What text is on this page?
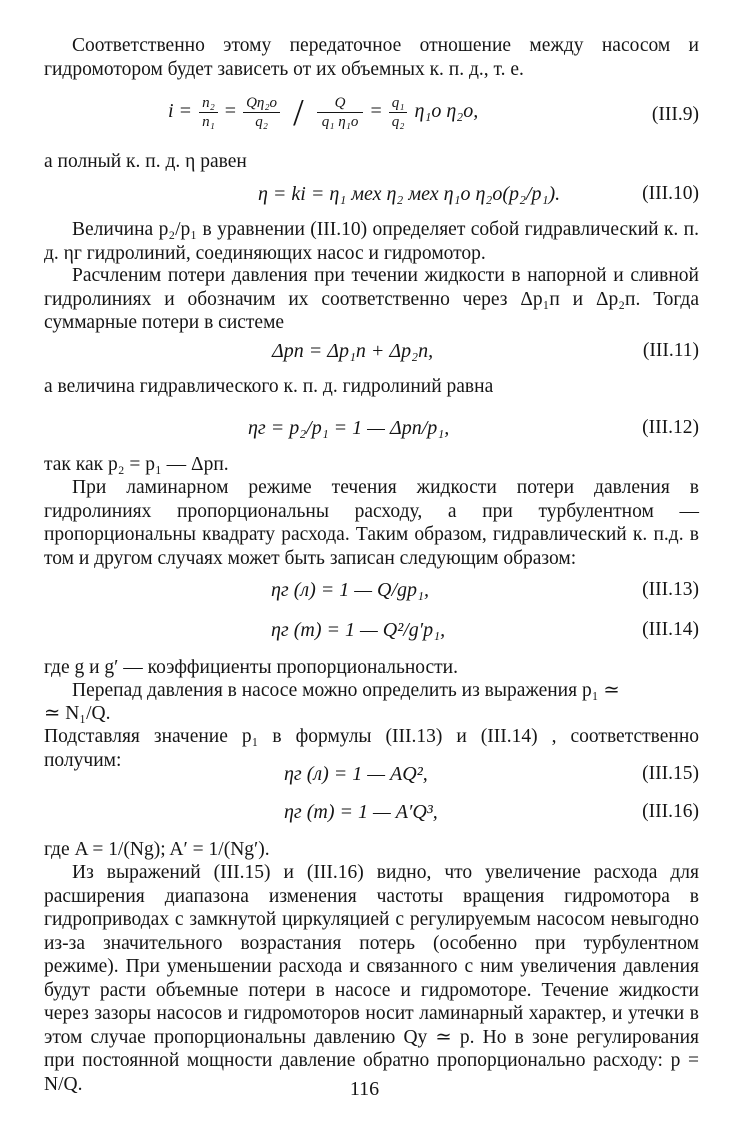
Соответственно этому передаточное отношение между насосом и гидромотором будет зависеть от их объемных к. п. д., т. е.

$i = \frac{\text{n₂}}{\text{n₁}} = \frac{\text{Qη₂о}}{\text{q₂}} / \frac{Q}{\text{q₁ η₁о}} = \frac{\text{q₁}}{\text{q₂}} \eta_1о$ η₂о,	(III.9)
а полный к. п. д. η равен
η = ki = η₁ мех η₂ мех η₁о η₂о(p₂/p₁).	(III.10)

Величина p₂/p₁ в уравнении (III.10) определяет собой гидравлический к. п. д. ηг гидролиний, соединяющих насос и гидромотор.

Расчленим потери давления при течении жидкости в напорной и сливной гидролиниях и обозначим их соответственно через Δp₁п и Δp₂п. Тогда суммарные потери в системе

Δpп = Δp₁п + Δp₂п,	(III.11)
а величина гидравлического к. п. д. гидролиний равна
ηг = p₂/p₁ = 1 — Δpп/p₁,	(III.12)
так как p₂ = p₁ — Δpп.

При ламинарном режиме течения жидкости потери давления в гидролиниях пропорциональны расходу, а при турбулентном — пропорциональны квадрату расхода. Таким образом, гидравлический к. п.д. в том и другом случаях может быть записан следующим образом:

ηг (л) = 1 — Q/gp₁,	(III.13)
ηг (т) = 1 — Q²/g′p₁,	(III.14)
где g и g′ — коэффициенты пропорциональности.
Перепад давления в насосе можно определить из выражения p₁ ≃
≃ N₁/Q.

Подставляя значение p₁ в формулы (III.13) и (III.14) , соответственно получим:

ηг (л) = 1 — AQ²,	(III.15)
ηг (т) = 1 — A′Q³,	(III.16)
где A = 1/(Ng); A′ = 1/(Ng′).

Из выражений (III.15) и (III.16) видно, что увеличение расхода для расширения диапазона изменения частоты вращения гидромотора в гидроприводах с замкнутой циркуляцией с регулируемым насосом невыгодно из-за значительного возрастания потерь (особенно при турбулентном режиме). При уменьшении расхода и связанного с ним увеличения давления будут расти объемные потери в насосе и гидромоторе. Течение жидкости через зазоры насосов и гидромоторов носит ламинарный характер, и утечки в этом случае пропорциональны давлению Qy ≃ p. Но в зоне регулирования при постоянной мощности давление обратно пропорционально расходу: p = N/Q.	116
